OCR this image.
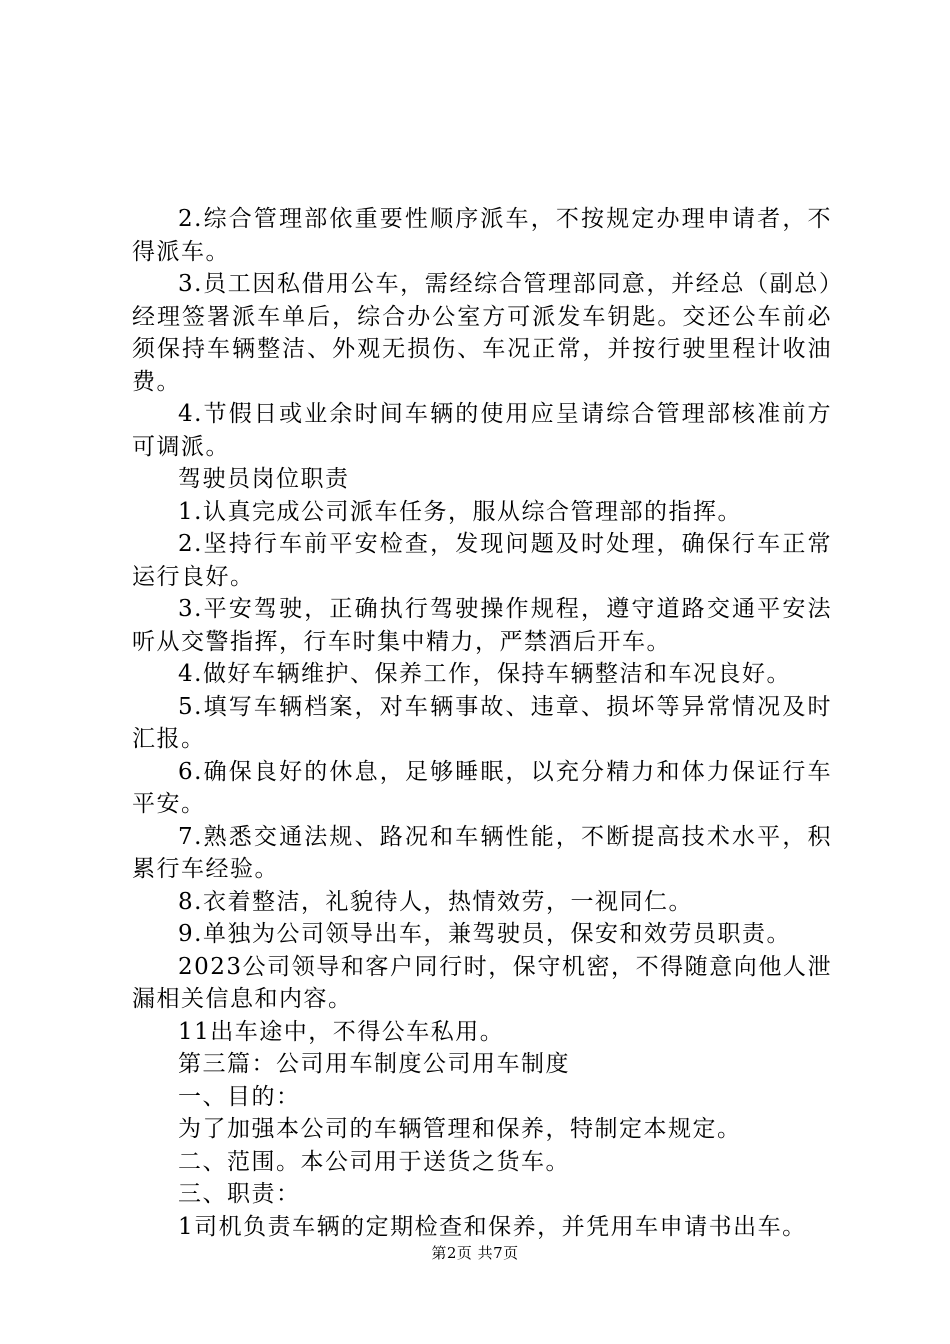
2.综合管理部依重要性顺序派车，不按规定办理申请者，不得派车。

3.员工因私借用公车，需经综合管理部同意，并经总（副总）经理签署派车单后，综合办公室方可派发车钥匙。交还公车前必须保持车辆整洁、外观无损伤、车况正常，并按行驶里程计收油费。

4.节假日或业余时间车辆的使用应呈请综合管理部核准前方可调派。

驾驶员岗位职责

1.认真完成公司派车任务，服从综合管理部的指挥。

2.坚持行车前平安检查，发现问题及时处理，确保行车正常运行良好。

3.平安驾驶，正确执行驾驶操作规程，遵守道路交通平安法听从交警指挥，行车时集中精力，严禁酒后开车。

4.做好车辆维护、保养工作，保持车辆整洁和车况良好。

5.填写车辆档案，对车辆事故、违章、损坏等异常情况及时汇报。

6.确保良好的休息，足够睡眠，以充分精力和体力保证行车平安。

7.熟悉交通法规、路况和车辆性能，不断提高技术水平，积累行车经验。

8.衣着整洁，礼貌待人，热情效劳，一视同仁。

9.单独为公司领导出车，兼驾驶员，保安和效劳员职责。

2023公司领导和客户同行时，保守机密，不得随意向他人泄漏相关信息和内容。

11出车途中，不得公车私用。

第三篇：公司用车制度公司用车制度

一、目的：

为了加强本公司的车辆管理和保养，特制定本规定。

二、范围。本公司用于送货之货车。

三、职责：

1司机负责车辆的定期检查和保养，并凭用车申请书出车。

第2页 共7页
